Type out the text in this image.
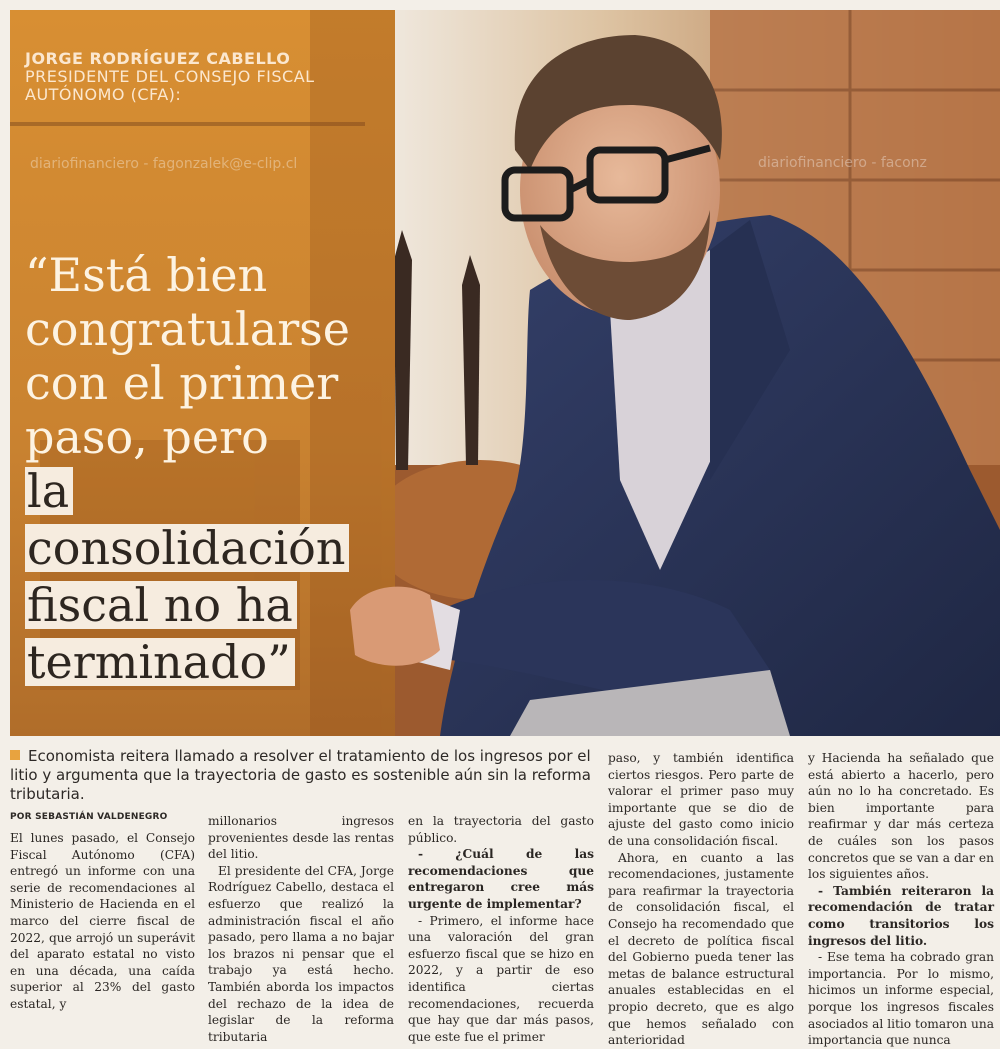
diariofinanciero - fagonzalek@e-clip.cl	diariofinanciero - faconz
JORGE RODRÍGUEZ CABELLO
PRESIDENTE DEL CONSEJO FISCAL
AUTÓNOMO (CFA):
“Está bien
congratularse
con el primer
paso, pero
la
consolidación
fiscal no ha
terminado”
Economista reitera llamado a resolver el tratamiento de los ingresos por el litio y argumenta que la trayectoria de gasto es sostenible aún sin la reforma tributaria.
POR SEBASTIÁN VALDENEGRO

El lunes pasado, el Consejo Fiscal Autónomo (CFA) entregó un informe con una serie de recomendaciones al Ministerio de Hacienda en el marco del cierre fiscal de 2022, que arrojó un superávit del aparato estatal no visto en una década, una caída superior al 23% del gasto estatal, y

millonarios ingresos provenientes desde las rentas del litio.

El presidente del CFA, Jorge Rodríguez Cabello, destaca el esfuerzo que realizó la administración fiscal el año pasado, pero llama a no bajar los brazos ni pensar que el trabajo ya está hecho. También aborda los impactos del rechazo de la idea de legislar de la reforma tributaria

en la trayectoria del gasto público.

- ¿Cuál de las recomendaciones que entregaron cree más urgente de implementar?

- Primero, el informe hace una valoración del gran esfuerzo fiscal que se hizo en 2022, y a partir de eso identifica ciertas recomendaciones, recuerda que hay que dar más pasos, que este fue el primer

paso, y también identifica ciertos riesgos. Pero parte de valorar el primer paso muy importante que se dio de ajuste del gasto como inicio de una consolidación fiscal.

Ahora, en cuanto a las recomendaciones, justamente para reafirmar la trayectoria de consolidación fiscal, el Consejo ha recomendado que el decreto de política fiscal del Gobierno pueda tener las metas de balance estructural anuales establecidas en el propio decreto, que es algo que hemos señalado con anterioridad

y Hacienda ha señalado que está abierto a hacerlo, pero aún no lo ha concretado. Es bien importante para reafirmar y dar más certeza de cuáles son los pasos concretos que se van a dar en los siguientes años.

- También reiteraron la recomendación de tratar como transitorios los ingresos del litio.

- Ese tema ha cobrado gran importancia. Por lo mismo, hicimos un informe especial, porque los ingresos fiscales asociados al litio tomaron una importancia que nunca
